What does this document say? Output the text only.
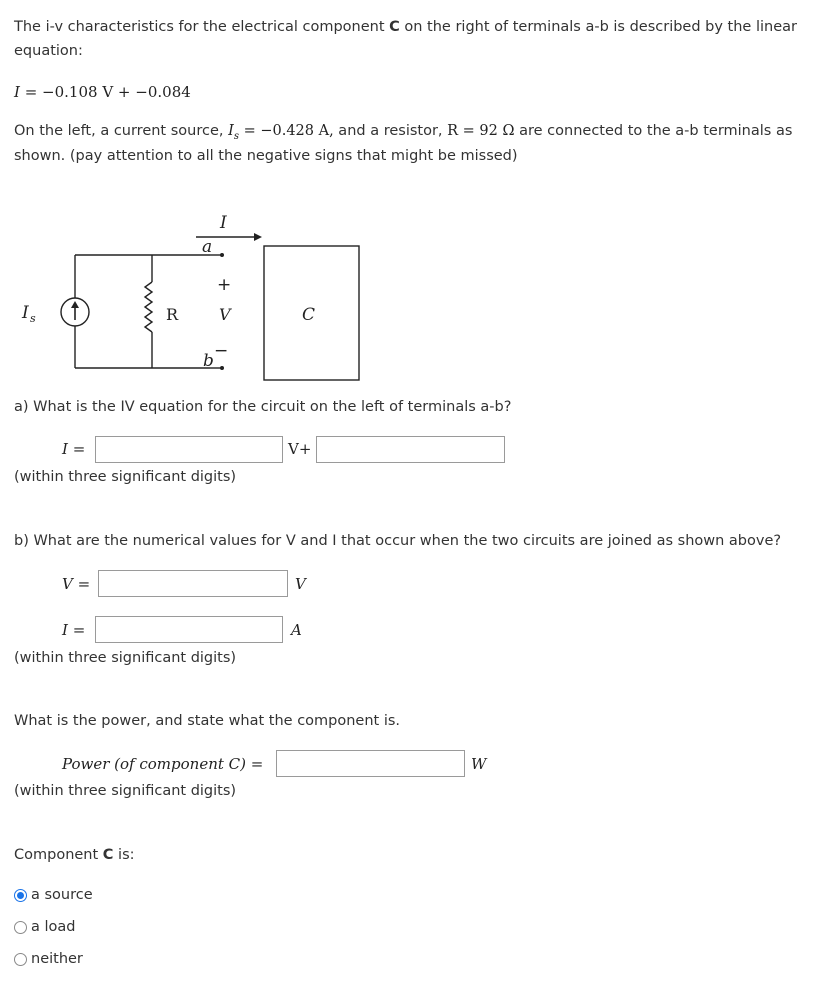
The i-v characteristics for the electrical component C on the right of terminals a-b is described by the linear
equation:
I = −0.108 V + −0.084
On the left, a current source, $I_s = -0.428$ A, and a resistor, R = 92 Ω are connected to the a-b terminals as
shown. (pay attention to all the negative signs that might be missed)
I
a
+
V
R
I s
b −
C
a) What is the IV equation for the circuit on the left of terminals a-b?
I =	V+
(within three significant digits)
b) What are the numerical values for V and I that occur when the two circuits are joined as shown above?
V =	V
I =	A
(within three significant digits)
What is the power, and state what the component is.
Power (of component C) =	W
(within three significant digits)
Component C is:
a source
a load
neither
